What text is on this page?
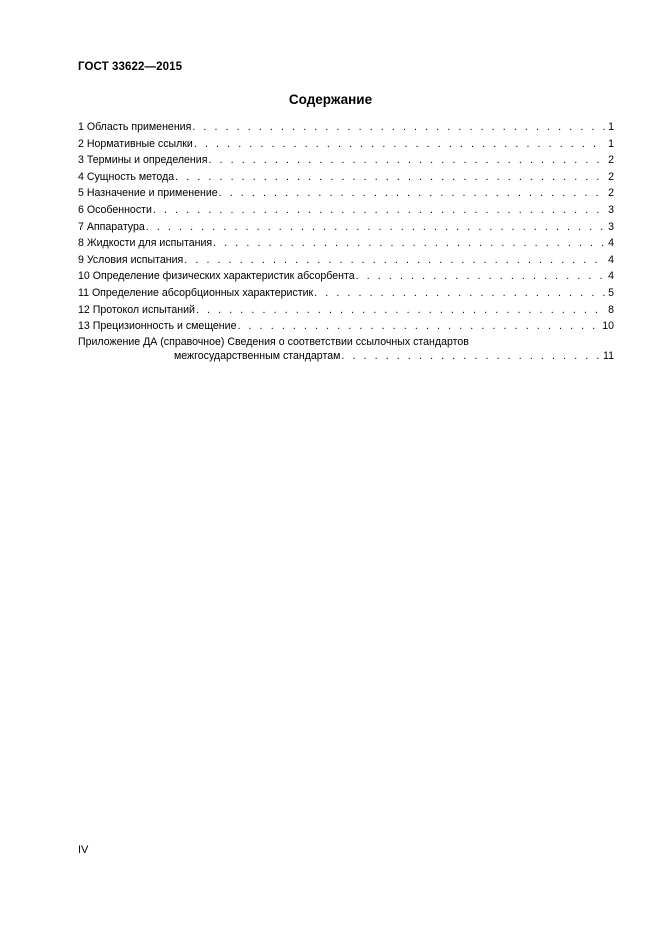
ГОСТ 33622—2015
Содержание
1 Область применения . . .	1
2 Нормативные ссылки . . .	1
3 Термины и определения . . .	2
4 Сущность метода . . .	2
5 Назначение и применение . . .	2
6 Особенности . . .	3
7 Аппаратура . . .	3
8 Жидкости для испытания . . .	4
9 Условия испытания . . .	4
10 Определение физических характеристик абсорбента . . .	4
11 Определение абсорбционных характеристик . . .	5
12 Протокол испытаний . . .	8
13 Прецизионность и смещение . . .	10
Приложение ДА (справочное) Сведения о соответствии ссылочных стандартов
межгосударственным стандартам . . .	11
IV
